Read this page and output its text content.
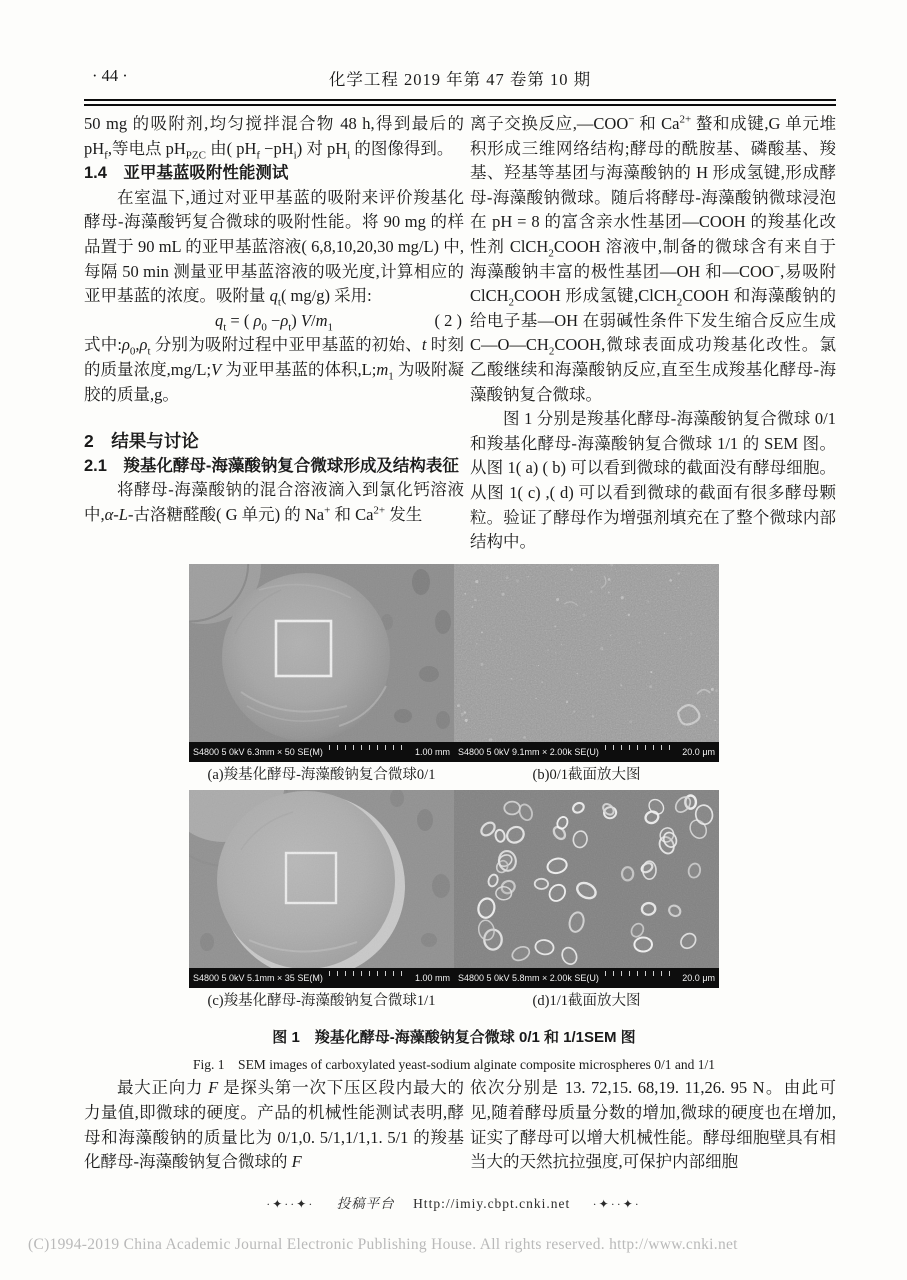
· 44 ·	化学工程 2019 年第 47 卷第 10 期

50 mg 的吸附剂,均匀搅拌混合物 48 h,得到最后的 $pH_f$,等电点 $pH_{PZC}$ 由( $pH_f -pH_i$) 对 $pH_i$ 的图像得到。

1.4　亚甲基蓝吸附性能测试

在室温下,通过对亚甲基蓝的吸附来评价羧基化酵母-海藻酸钙复合微球的吸附性能。将 90 mg 的样品置于 90 mL 的亚甲基蓝溶液( 6,8,10,20,30 mg/L) 中,每隔 50 min 测量亚甲基蓝溶液的吸光度,计算相应的亚甲基蓝的浓度。吸附量 $q_t$( mg/g) 采用:

$q_t$ = ( $\rho_0 -\rho_t$) $V/m_1$	( 2 )

式中$:\rho_0,\rho_t$ 分别为吸附过程中亚甲基蓝的初始、t 时刻的质量浓度,mg/L;V 为亚甲基蓝的体积$,L;m_1$ 为吸附凝胶的质量,g。

2　结果与讨论

2.1　羧基化酵母-海藻酸钠复合微球形成及结构表征

将酵母-海藻酸钠的混合溶液滴入到氯化钙溶液中,α-L-古洛糖醛酸( G 单元) 的 Na+ 和 $Ca^{2+}$ 发生

离子交换反应,—COO− 和 $Ca^{2+}$ 螯和成键,G 单元堆积形成三维网络结构;酵母的酰胺基、磷酸基、羧基、羟基等基团与海藻酸钠的 H 形成氢键,形成酵母-海藻酸钠微球。随后将酵母-海藻酸钠微球浸泡在 pH = 8 的富含亲水性基团—COOH 的羧基化改性剂 ClCH$_2$COOH 溶液中,制备的微球含有来自于海藻酸钠丰富的极性基团—OH 和—COO−,易吸附 ClCH$_2$COOH 形成氢键,ClCH$_2$COOH 和海藻酸钠的给电子基—OH 在弱碱性条件下发生缩合反应生成 $C—O—CH_2COOH$,微球表面成功羧基化改性。氯乙酸继续和海藻酸钠反应,直至生成羧基化酵母-海藻酸钠复合微球。

图 1 分别是羧基化酵母-海藻酸钠复合微球 0/1 和羧基化酵母-海藻酸钠复合微球 1/1 的 SEM 图。从图 1( a) ( b) 可以看到微球的截面没有酵母细胞。从图 1( c) ,( d) 可以看到微球的截面有很多酵母颗粒。验证了酵母作为增强剂填充在了整个微球内部结构中。

S4800 5 0kV 6.3mm × 50 SE(M)	1.00 mm S4800 5 0kV 9.1mm × 2.00k SE(U)	20.0 μm
(a)羧基化酵母-海藻酸钠复合微球0/1	(b)0/1截面放大图
S4800 5 0kV 5.1mm × 35 SE(M)	1.00 mm S4800 5 0kV 5.8mm × 2.00k SE(U)	20.0 μm
(c)羧基化酵母-海藻酸钠复合微球1/1	(d)1/1截面放大图
图 1　羧基化酵母-海藻酸钠复合微球 0/1 和 1/1SEM 图
Fig. 1　SEM images of carboxylated yeast-sodium alginate composite microspheres 0/1 and 1/1
最大正向力 F 是探头第一次下压区段内最大的力量值,即微球的硬度。产品的机械性能测试表明,酵母和海藻酸钠的质量比为 0/1,0. 5/1,1/1,1. 5/1 的羧基化酵母-海藻酸钠复合微球的 F
依次分别是 13. 72,15. 68,19. 11,26. 95 N。由此可见,随着酵母质量分数的增加,微球的硬度也在增加,证实了酵母可以增大机械性能。酵母细胞壁具有相当大的天然抗拉强度,可保护内部细胞
·✦··✦· 投稿平台 Http://imiy.cbpt.cnki.net ·✦··✦·
(C)1994-2019 China Academic Journal Electronic Publishing House. All rights reserved. http://www.cnki.net
